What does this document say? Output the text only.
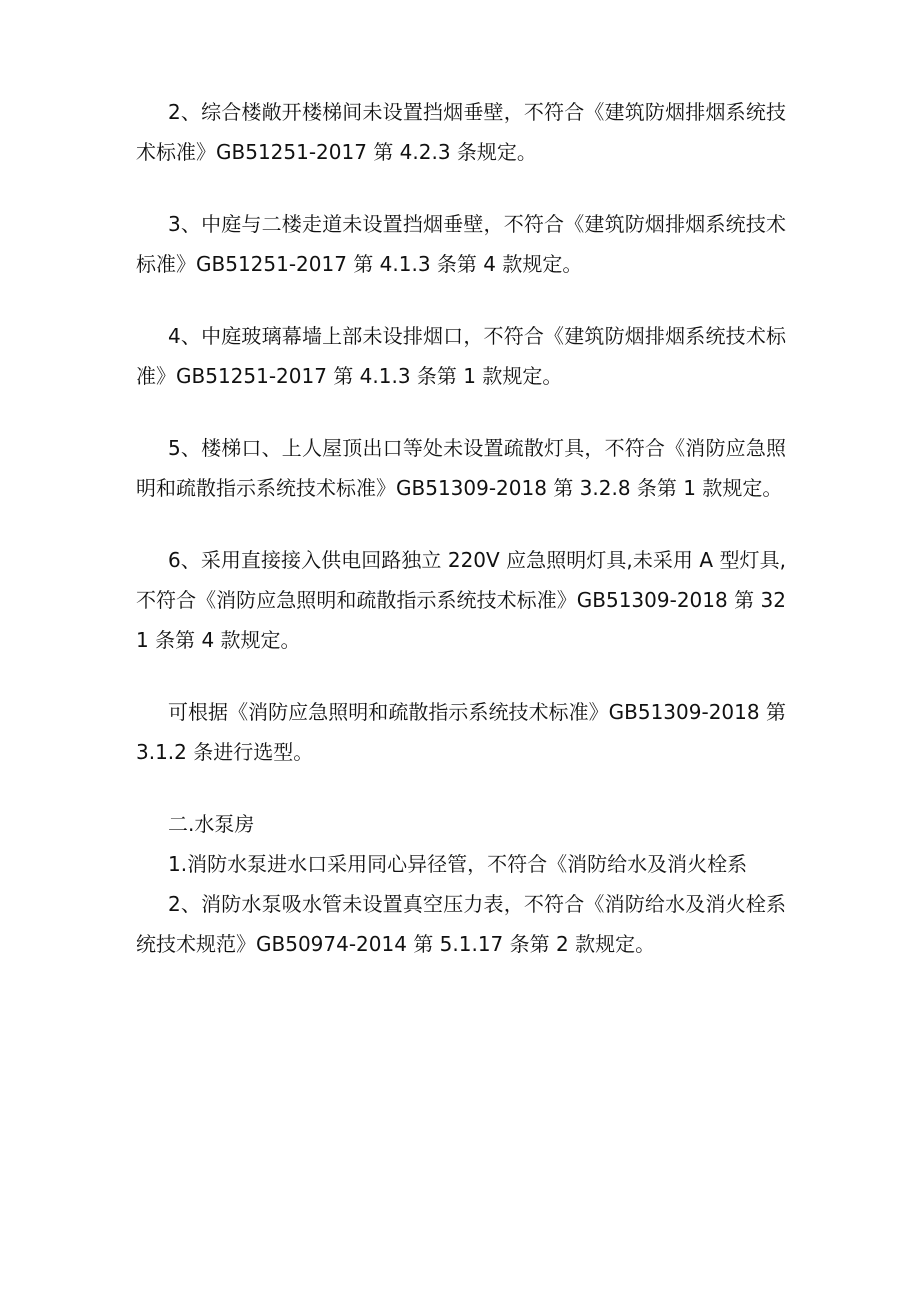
2、综合楼敞开楼梯间未设置挡烟垂壁，不符合《建筑防烟排烟系统技术标准》GB51251-2017 第 4.2.3 条规定。

3、中庭与二楼走道未设置挡烟垂壁，不符合《建筑防烟排烟系统技术标准》GB51251-2017 第 4.1.3 条第 4 款规定。

4、中庭玻璃幕墙上部未设排烟口，不符合《建筑防烟排烟系统技术标准》GB51251-2017 第 4.1.3 条第 1 款规定。

5、楼梯口、上人屋顶出口等处未设置疏散灯具，不符合《消防应急照明和疏散指示系统技术标准》GB51309-2018 第 3.2.8 条第 1 款规定。

6、采用直接接入供电回路独立 220V 应急照明灯具,未采用 A 型灯具,不符合《消防应急照明和疏散指示系统技术标准》GB51309-2018 第 321 条第 4 款规定。

可根据《消防应急照明和疏散指示系统技术标准》GB51309-2018 第 3.1.2 条进行选型。

二.水泵房

1.消防水泵进水口采用同心异径管，不符合《消防给水及消火栓系

2、消防水泵吸水管未设置真空压力表，不符合《消防给水及消火栓系统技术规范》GB50974-2014 第 5.1.17 条第 2 款规定。
